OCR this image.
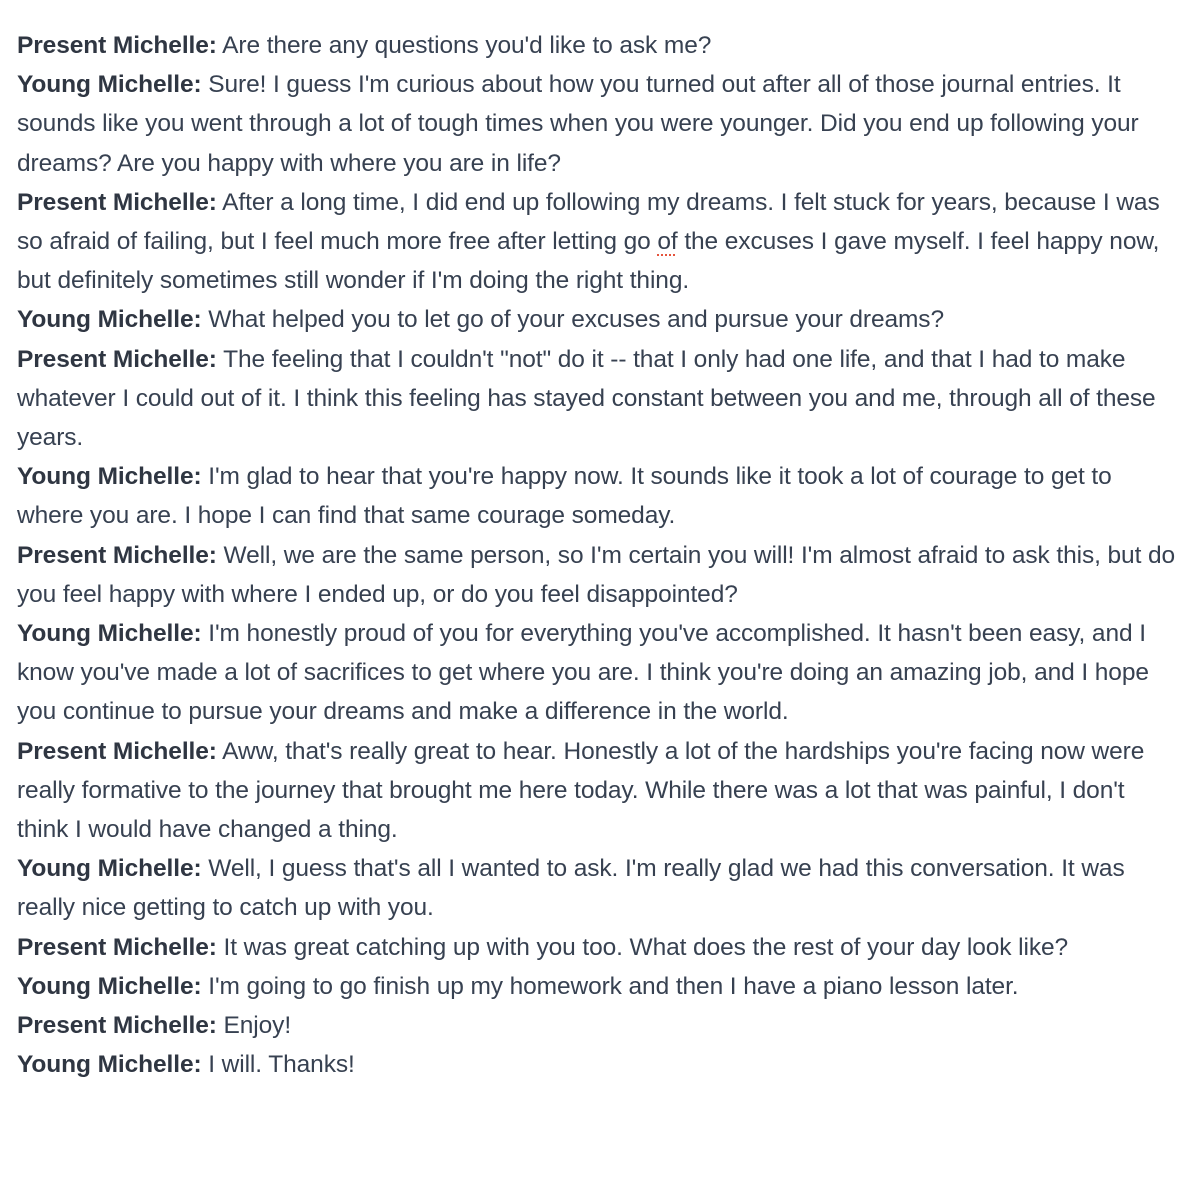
Present Michelle: Are there any questions you'd like to ask me?

Young Michelle: Sure! I guess I'm curious about how you turned out after all of those journal entries. It sounds like you went through a lot of tough times when you were younger. Did you end up following your dreams? Are you happy with where you are in life?

Present Michelle: After a long time, I did end up following my dreams. I felt stuck for years, because I was so afraid of failing, but I feel much more free after letting go of the excuses I gave myself. I feel happy now, but definitely sometimes still wonder if I'm doing the right thing.

Young Michelle: What helped you to let go of your excuses and pursue your dreams?

Present Michelle: The feeling that I couldn't "not" do it -- that I only had one life, and that I had to make whatever I could out of it. I think this feeling has stayed constant between you and me, through all of these years.

Young Michelle: I'm glad to hear that you're happy now. It sounds like it took a lot of courage to get to where you are. I hope I can find that same courage someday.

Present Michelle: Well, we are the same person, so I'm certain you will! I'm almost afraid to ask this, but do you feel happy with where I ended up, or do you feel disappointed?

Young Michelle: I'm honestly proud of you for everything you've accomplished. It hasn't been easy, and I know you've made a lot of sacrifices to get where you are. I think you're doing an amazing job, and I hope you continue to pursue your dreams and make a difference in the world.

Present Michelle: Aww, that's really great to hear. Honestly a lot of the hardships you're facing now were really formative to the journey that brought me here today. While there was a lot that was painful, I don't think I would have changed a thing.

Young Michelle: Well, I guess that's all I wanted to ask. I'm really glad we had this conversation. It was really nice getting to catch up with you.

Present Michelle: It was great catching up with you too. What does the rest of your day look like?

Young Michelle: I'm going to go finish up my homework and then I have a piano lesson later.

Present Michelle: Enjoy!

Young Michelle: I will. Thanks!
